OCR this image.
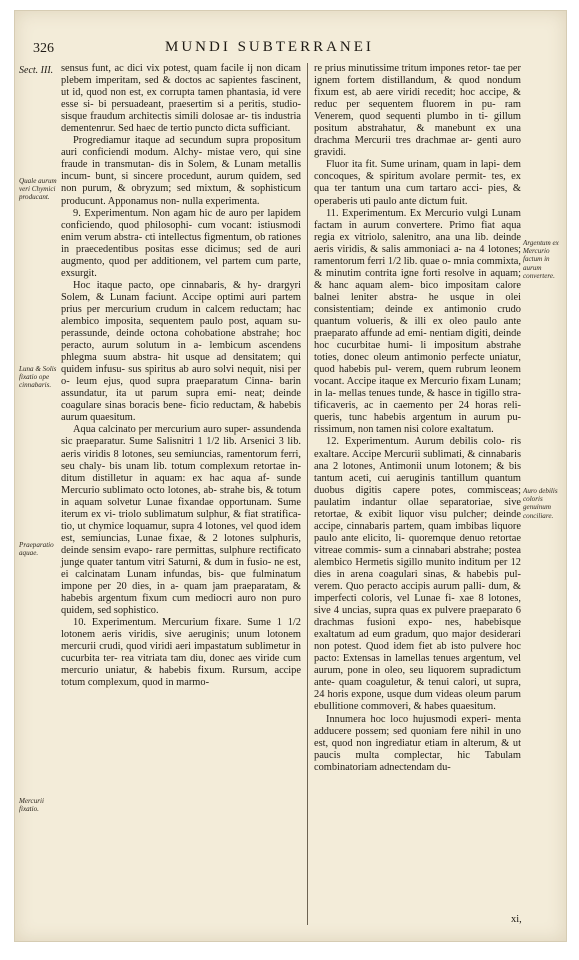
326	MUNDI SUBTERRANEI
Sect. III.
Quale aurum veri Chymici producant.
Luna & Solis fixatio ope cinnabaris.
Praeparatio aquae.
Mercurii fixatio.
Argentum ex Mercurio factum in aurum convertere.
Auro debilis coloris genuinum conciliare.

sensus funt, ac dici vix potest, quam facile ij non dicam plebem imperitam, sed & doctos ac sapientes fascinent, ut id, quod non est, ex corrupta tamen phantasia, id vere esse si- bi persuadeant, praesertim si a peritis, studio- sisque fraudum architectis simili dolosae ar- tis industria dementenrur. Sed haec de tertio puncto dicta sufficiant.

Progrediamur itaque ad secundum supra propositum auri conficiendi modum. Alchy- mistae vero, qui sine fraude in transmutan- dis in Solem, & Lunam metallis incum- bunt, si sincere procedunt, aurum quidem, sed non purum, & obryzum; sed mixtum, & sophisticum producunt. Apponamus non- nulla experimenta.

9. Experimentum. Non agam hic de auro per lapidem conficiendo, quod philosophi- cum vocant: istiusmodi enim verum abstra- cti intellectus figmentum, ob rationes in praecedentibus positas esse dicimus; sed de auri augmento, quod per additionem, vel partem cum parte, exsurgit.

Hoc itaque pacto, ope cinnabaris, & hy- drargyri Solem, & Lunam faciunt. Accipe optimi auri partem prius per mercurium crudum in calcem reductam; hac alembico imposita, sequentem paulo post, aquam su- perassunde, deinde octona cohobatione abstrahe; hoc peracto, aurum solutum in a- lembicum ascendens phlegma suum abstra- hit usque ad densitatem; qui quidem infusu- sus spiritus ab auro solvi nequit, nisi per o- leum ejus, quod supra praeparatum Cinna- barin assundatur, ita ut parum supra emi- neat; deinde coagulare sinas boracis bene- ficio reductam, & habebis aurum quaesitum.

Aqua calcinato per mercurium auro super- assundenda sic praeparatur. Sume Salisnitri 1 1/2 lib. Arsenici 3 lib. aeris viridis 8 lotones, seu semiuncias, ramentorum ferri, seu chaly- bis unam lib. totum complexum retortae in- ditum distilletur in aquam: ex hac aqua af- sunde Mercurio sublimato octo lotones, ab- strahe bis, & totum in aquam solvetur Lunae fixandae opportunam. Sume iterum ex vi- triolo sublimatum sulphur, & fiat stratifica- tio, ut chymice loquamur, supra 4 lotones, vel quod idem est, semiuncias, Lunae fixae, & 2 lotones sulphuris, deinde sensim evapo- rare permittas, sulphure rectificato junge quater tantum vitri Saturni, & dum in fusio- ne est, ei calcinatam Lunam infundas, bis- que fulminatum impone per 20 dies, in a- quam jam praeparatam, & habebis argentum fixum cum mediocri auro non puro quidem, sed sophistico.

10. Experimentum. Mercurium fixare. Sume 1 1/2 lotonem aeris viridis, sive aeruginis; unum lotonem mercurii crudi, quod viridi aeri impastatum sublimetur in cucurbita ter- rea vitriata tam diu, donec aes viride cum mercurio uniatur, & habebis fixum. Rursum, accipe totum complexum, quod in marmo-

re prius minutissime tritum impones retor- tae per ignem fortem distillandum, & quod nondum fixum est, ab aere viridi recedit; hoc accipe, & reduc per sequentem fluorem in pu- ram Venerem, quod sequenti plumbo in ti- gillum positum abstrahatur, & manebunt ex una drachma Mercurii tres drachmae ar- genti auro gravidi.

Fluor ita fit. Sume urinam, quam in lapi- dem concoques, & spiritum avolare permit- tes, ex qua ter tantum una cum tartaro acci- pies, & operaberis uti paulo ante dictum fuit.

11. Experimentum. Ex Mercurio vulgi Lunam factam in aurum convertere. Primo fiat aqua regia ex vitriolo, salenitro, ana una lib. deinde aeris viridis, & salis ammoniaci a- na 4 lotones; ramentorum ferri 1/2 lib. quae o- mnia commixta, & minutim contrita igne forti resolve in aquam; & hanc aquam alem- bico impositam calore balnei leniter abstra- he usque in olei consistentiam; deinde ex antimonio crudo quantum volueris, & illi ex oleo paulo ante praeparato affunde ad emi- nentiam digiti, deinde hoc cucurbitae humi- li impositum abstrahe toties, donec oleum antimonio perfecte uniatur, quod habebis pul- verem, quem rubrum leonem vocant. Accipe itaque ex Mercurio fixam Lunam; in la- mellas tenues tunde, & hasce in tigillo stra- tificaveris, ac in caemento per 24 horas reli- queris, tunc habebis argentum in aurum pu- rissimum, non tamen nisi colore exaltatum.

12. Experimentum. Aurum debilis colo- ris exaltare. Accipe Mercurii sublimati, & cinnabaris ana 2 lotones, Antimonii unum lotonem; & bis tantum aceti, cui aeruginis tantillum quantum duobus digitis capere potes, commisceas; paulatim indantur ollae separatoriae, sive retortae, & exibit liquor visu pulcher; deinde accipe, cinnabaris partem, quam imbibas liquore paulo ante elicito, li- quoremque denuo retortae vitreae commis- sum a cinnabari abstrahe; postea alembico Hermetis sigillo munito inditum per 12 dies in arena coagulari sinas, & habebis pul- verem. Quo peracto accipis aurum palli- dum, & imperfecti coloris, vel Lunae fi- xae 8 lotones, sive 4 uncias, supra quas ex pulvere praeparato 6 drachmas fusioni expo- nes, habebisque exaltatum ad eum gradum, quo major desiderari non potest. Quod idem fiet ab isto pulvere hoc pacto: Extensas in lamellas tenues argentum, vel aurum, pone in oleo, seu liquorem supradictum ante- quam coaguletur, & tenui calori, ut supra, 24 horis expone, usque dum videas oleum parum ebullitione commoveri, & habes quaesitum.

Innumera hoc loco hujusmodi experi- menta adducere possem; sed quoniam fere nihil in uno est, quod non ingrediatur etiam in alterum, & ut paucis multa complectar, hic Tabulam combinatoriam adnectendam du-

xi,
